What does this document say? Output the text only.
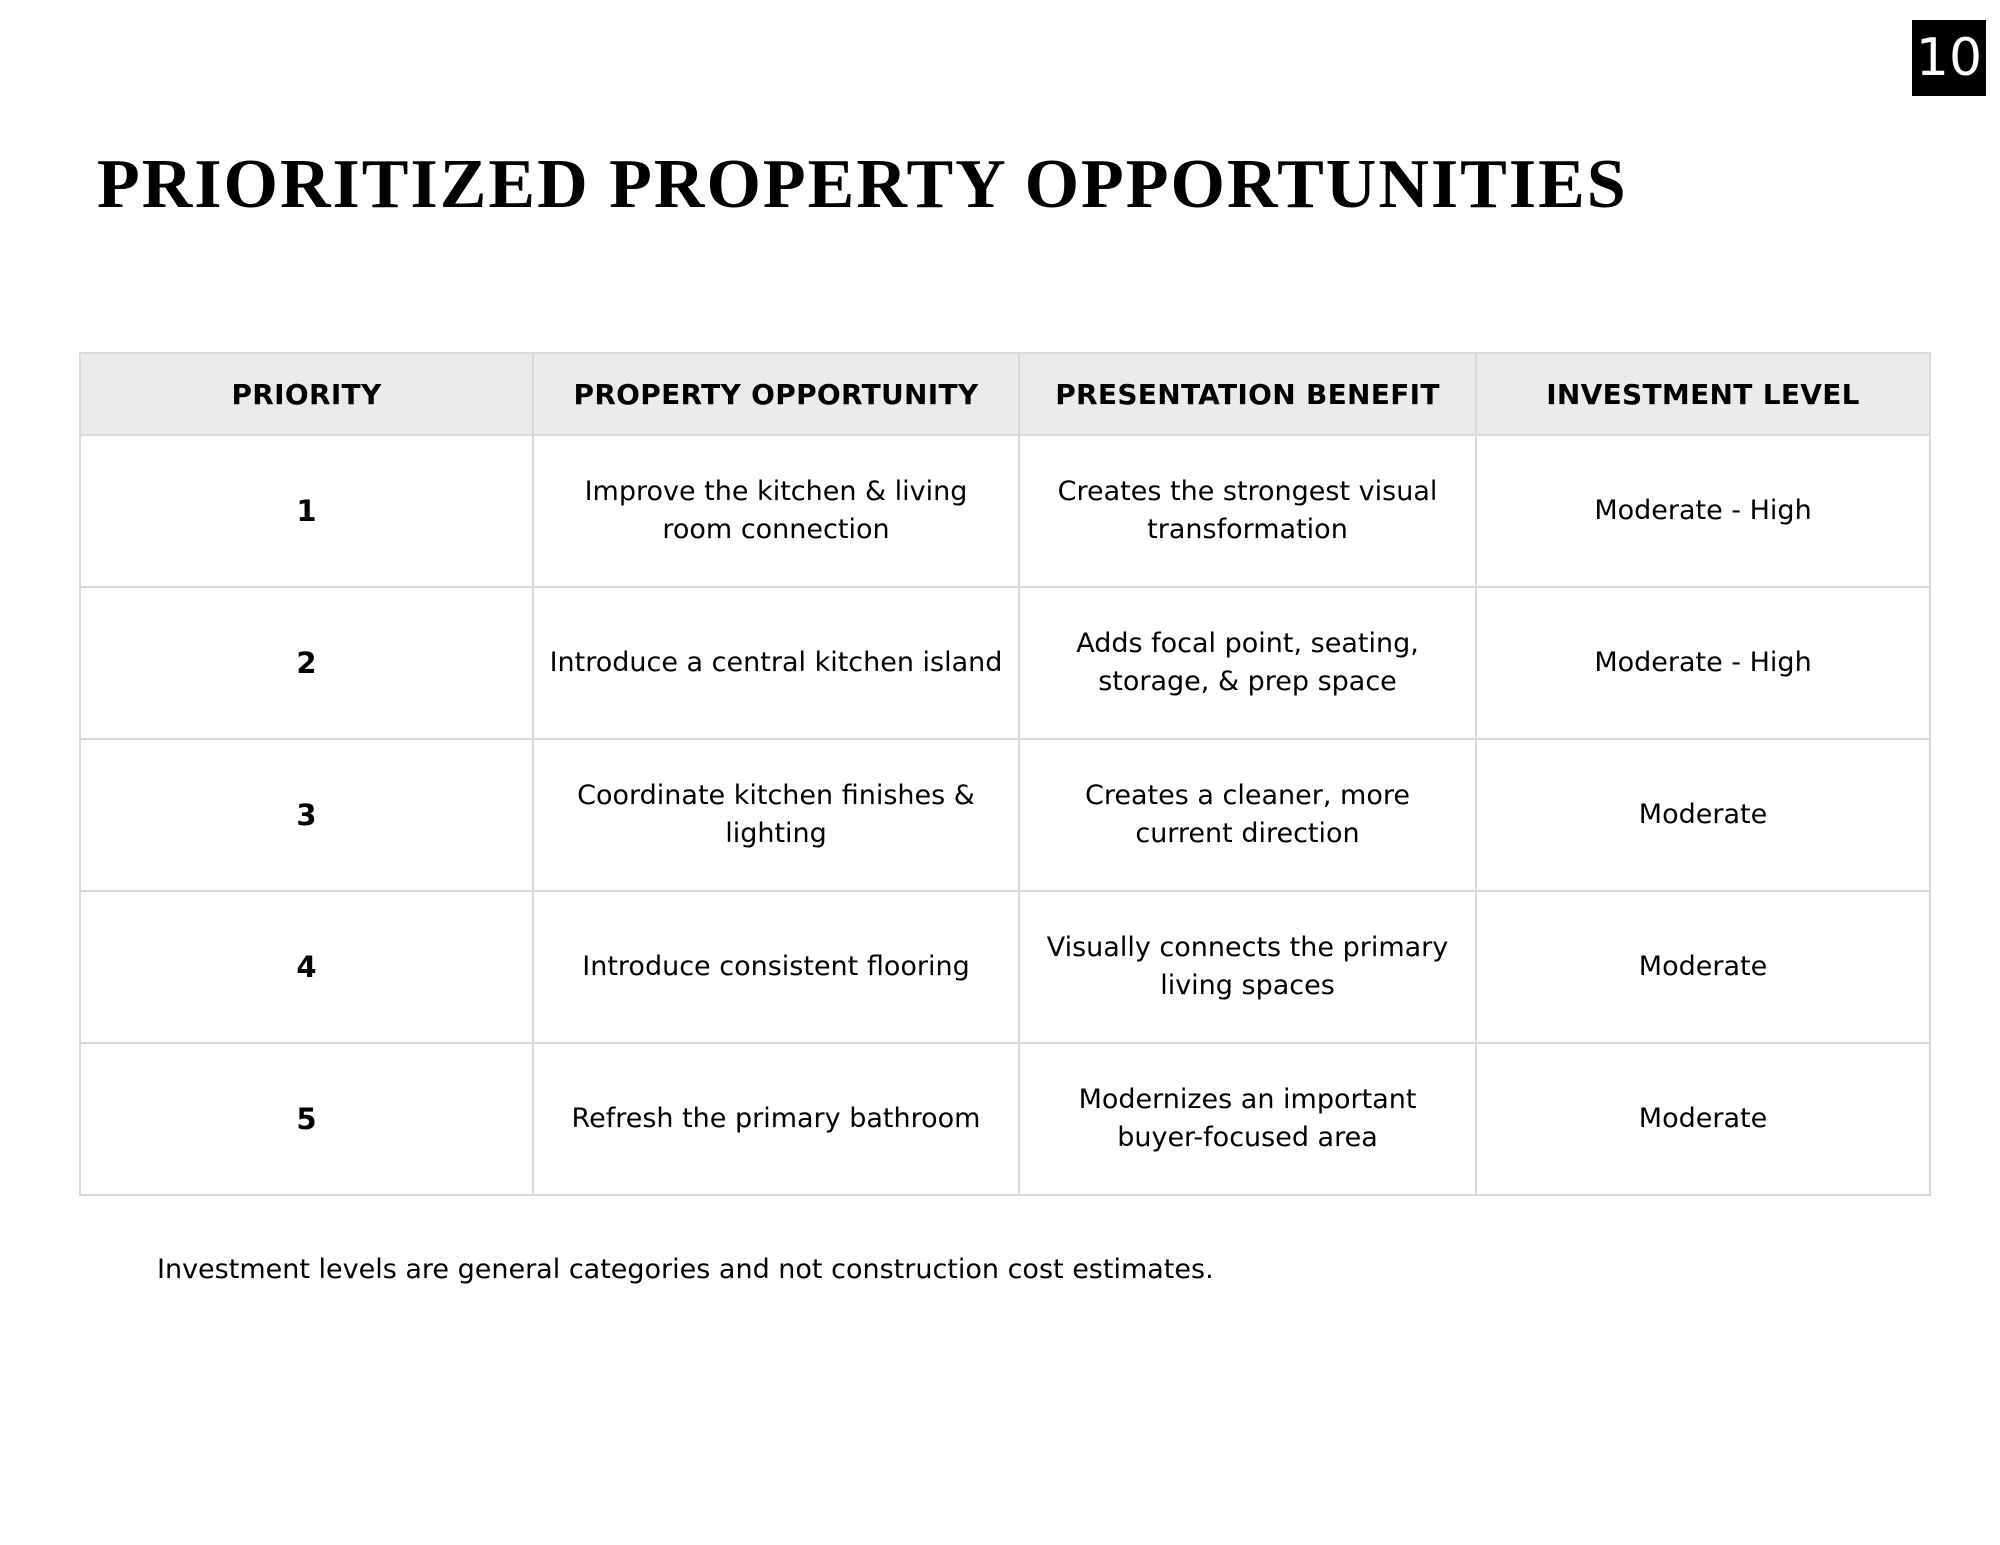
10
PRIORITIZED PROPERTY OPPORTUNITIES
PRIORITY	PROPERTY OPPORTUNITY	PRESENTATION BENEFIT	INVESTMENT LEVEL
1	Improve the kitchen & living room connection	Creates the strongest visual transformation	Moderate - High
2	Introduce a central kitchen island	Adds focal point, seating, storage, & prep space	Moderate - High
3	Coordinate kitchen finishes & lighting	Creates a cleaner, more current direction	Moderate
4	Introduce consistent flooring	Visually connects the primary living spaces	Moderate
5	Refresh the primary bathroom	Modernizes an important buyer-focused area	Moderate

Investment levels are general categories and not construction cost estimates.
